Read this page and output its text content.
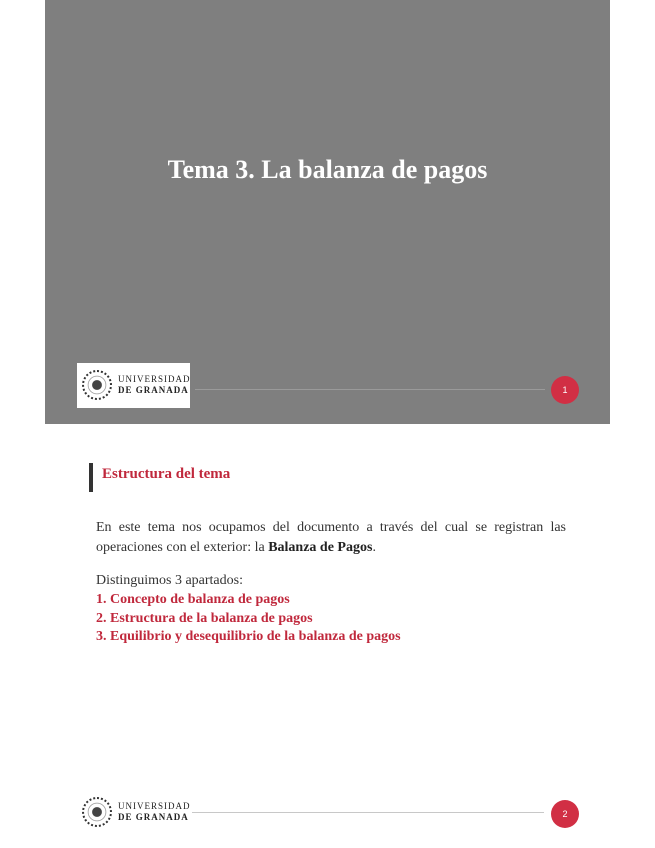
Tema 3. La balanza de pagos
UNIVERSIDAD
DE GRANADA	1
Estructura del tema
En este tema nos ocupamos del documento a través del cual se registran las operaciones con el exterior: la Balanza de Pagos.
Distinguimos 3 apartados:
1. Concepto de balanza de pagos
2. Estructura de la balanza de pagos
3. Equilibrio y desequilibrio de la balanza de pagos
UNIVERSIDAD
DE GRANADA	2
